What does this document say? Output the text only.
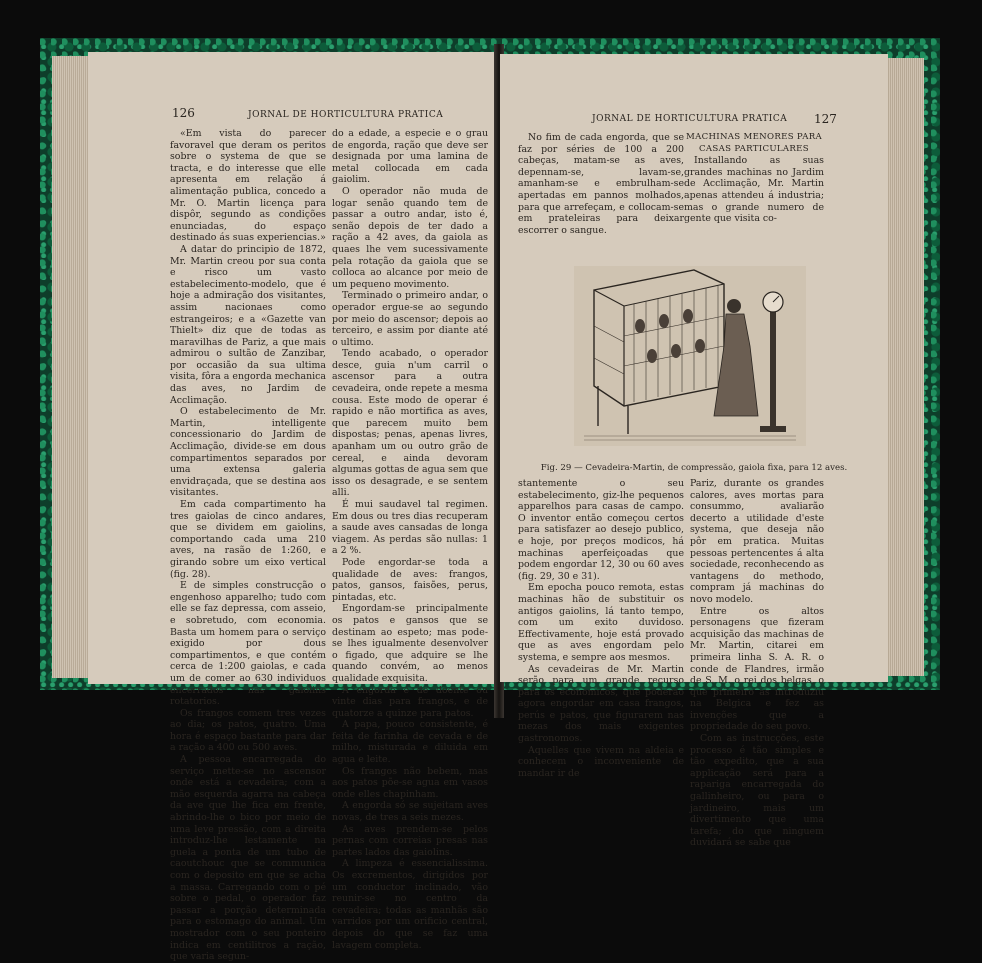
126	JORNAL DE HORTICULTURA PRATICA

«Em vista do parecer favoravel que deram os peritos sobre o systema de que se tracta, e do interesse que elle apresenta em relação á alimentação publica, concedo a Mr. O. Martin licença para dispôr, segundo as condições enunciadas, do espaço destinado ás suas experiencias.»

A datar do principio de 1872, Mr. Martin creou por sua conta e risco um vasto estabelecimento-modelo, que é hoje a admiração dos visitantes, assim nacionaes como estrangeiros; e a «Gazette van Thielt» diz que de todas as maravilhas de Pariz, a que mais admirou o sultão de Zanzibar, por occasião da sua ultima visita, fôra a engorda mechanica das aves, no Jardim de Acclimação.

O estabelecimento de Mr. Martin, intelligente concessionario do Jardim de Acclimação, divide-se em dous compartimentos separados por uma extensa galeria envidraçada, que se destina aos visitantes.

Em cada compartimento ha tres gaiolas de cinco andares, que se dividem em gaiolins, comportando cada uma 210 aves, na rasão de 1:260, e girando sobre um eixo vertical (fig. 28).

E de simples construcção o engenhoso apparelho; tudo com elle se faz depressa, com asseio, e sobretudo, com economia. Basta um homem para o serviço exigido por dous compartimentos, e que contém cerca de 1:200 gaiolas, e cada um de comer ao 630 individuos encerrados nas gaiolins rotatorios.

Os frangos comem tres vezes ao dia; os patos, quatro. Uma hora é espaço bastante para dar a ração a 400 ou 500 aves.

A pessoa encarregada do serviço mette-se no ascensor onde está a cevadeira; com a mão esquerda agarra na cabeça da ave que lhe fica em frente, abrindo-lhe o bico por meio de uma leve pressão, com a direita introduz-lhe lestamente na guela a ponta de um tubo de caoutchouc que se communica com o deposito em que se acha a massa. Carregando com o pé sobre o pedal, o operador faz passar a porção determinada para o estomago do animal. Um mostrador com o seu ponteiro indica em centilitros a ração, que varia segun-

do a edade, a especie e o grau de engorda, ração que deve ser designada por uma lamina de metal collocada em cada gaiolim.

O operador não muda de logar senão quando tem de passar a outro andar, isto é, senão depois de ter dado a ração a 42 aves, da gaiola as quaes lhe vem sucessivamente pela rotação da gaiola que se colloca ao alcance por meio de um pequeno movimento.

Terminado o primeiro andar, o operador ergue-se ao segundo por meio do ascensor; depois ao terceiro, e assim por diante até o ultimo.

Tendo acabado, o operador desce, guia n'um carril o ascensor para a outra cevadeira, onde repete a mesma cousa. Este modo de operar é rapido e não mortifica as aves, que parecem muito bem dispostas; penas, apenas livres, apanham um ou outro grão de cereal, e ainda devoram algumas gottas de agua sem que isso os desagrade, e se sentem alli.

É mui saudavel tal regimen. Em dous ou tres dias recuperam a saude aves cansadas de longa viagem. As perdas são nullas: 1 a 2 %.

Pode engordar-se toda a qualidade de aves: frangos, patos, gansos, faisões, perus, pintadas, etc.

Engordam-se principalmente os patos e gansos que se destinam ao espeto; mas pode-se lhes igualmente desenvolver o figado, que adquire se lhe quando convém, ao menos qualidade exquisita.

A engorda é de doente ou vinte dias para frangos, e de quatorze a quinze para patos.

A papa, pouco consistente, é feita de farinha de cevada e de milho, misturada e diluida em agua e leite.

Os frangos não bebem, mas aos patos põe-se agua em vasos onde elles chapinham.

A engorda só se sujeitam aves novas, de tres a seis mezes.

As aves prendem-se pelos pernas com correias presas nas partes lados das gaiolins.

A limpeza é essencialissima. Os excrementos, dirigidos por um conductor inclinado, vão reunir-se no centro da cevadeira; todas as manhãs são varridos por um orificio central, depois do que se faz uma lavagem completa.

JORNAL DE HORTICULTURA PRATICA 127

No fim de cada engorda, que se faz por séries de 100 a 200 cabeças, matam-se as aves, depennam-se, lavam-se, amanham-se e embrulham-se apertadas em pannos molhados, para que arrefeçam, e collocam-se em prateleiras para deixar escorrer o sangue.

MACHINAS MENORES PARA CASAS PARTICULARES

Installando as suas grandes machinas no Jardim de Acclimação, Mr. Martin apenas attendeu á industria; mas o grande numero de gente que visita co-

Fig. 29 — Cevadeira-Martin, de compressão, gaiola fixa, para 12 aves.

stantemente o seu estabelecimento, giz-lhe pequenos apparelhos para casas de campo. O inventor então começou certos para satisfazer ao desejo publico, e hoje, por preços modicos, há machinas aperfeiçoadas que podem engordar 12, 30 ou 60 aves (fig. 29, 30 e 31).

Em epocha pouco remota, estas machinas hão de substituir os antigos gaiolins, lá tanto tempo, com um exito duvidoso. Effectivamente, hoje está provado que as aves engordam pelo systema, e sempre aos mesmos.

As cevadeiras de Mr. Martin serão para um grande recurso para os economicos, que poderão agora engordar em casa frangos, perús e patos, que figurarem nas mezas dos mais exigentes gastronomos.

Aquelles que vivem na aldeia e conhecem o inconveniente de mandar ir de

Pariz, durante os grandes calores, aves mortas para consummo, avaliarão decerto a utilidade d'este systema, que deseja não pôr em pratica. Muitas pessoas pertencentes á alta sociedade, reconhecendo as vantagens do methodo, compram já machinas do novo modelo.

Entre os altos personagens que fizeram acquisição das machinas de Mr. Martin, citarei em primeira linha S. A. R. o conde de Flandres, irmão de S. M. o rei dos belgas, o que primeiro as introduziu na Belgica e fez as invenções que a propriedade do seu povo.

Com as instrucções, este processo é tão simples e tão expedito, que a sua applicação será para a rapariga encarregada do gallinheiro, ou para o jardineiro, mais um divertimento que uma tarefa; do que ninguem duvidará se sabe que
